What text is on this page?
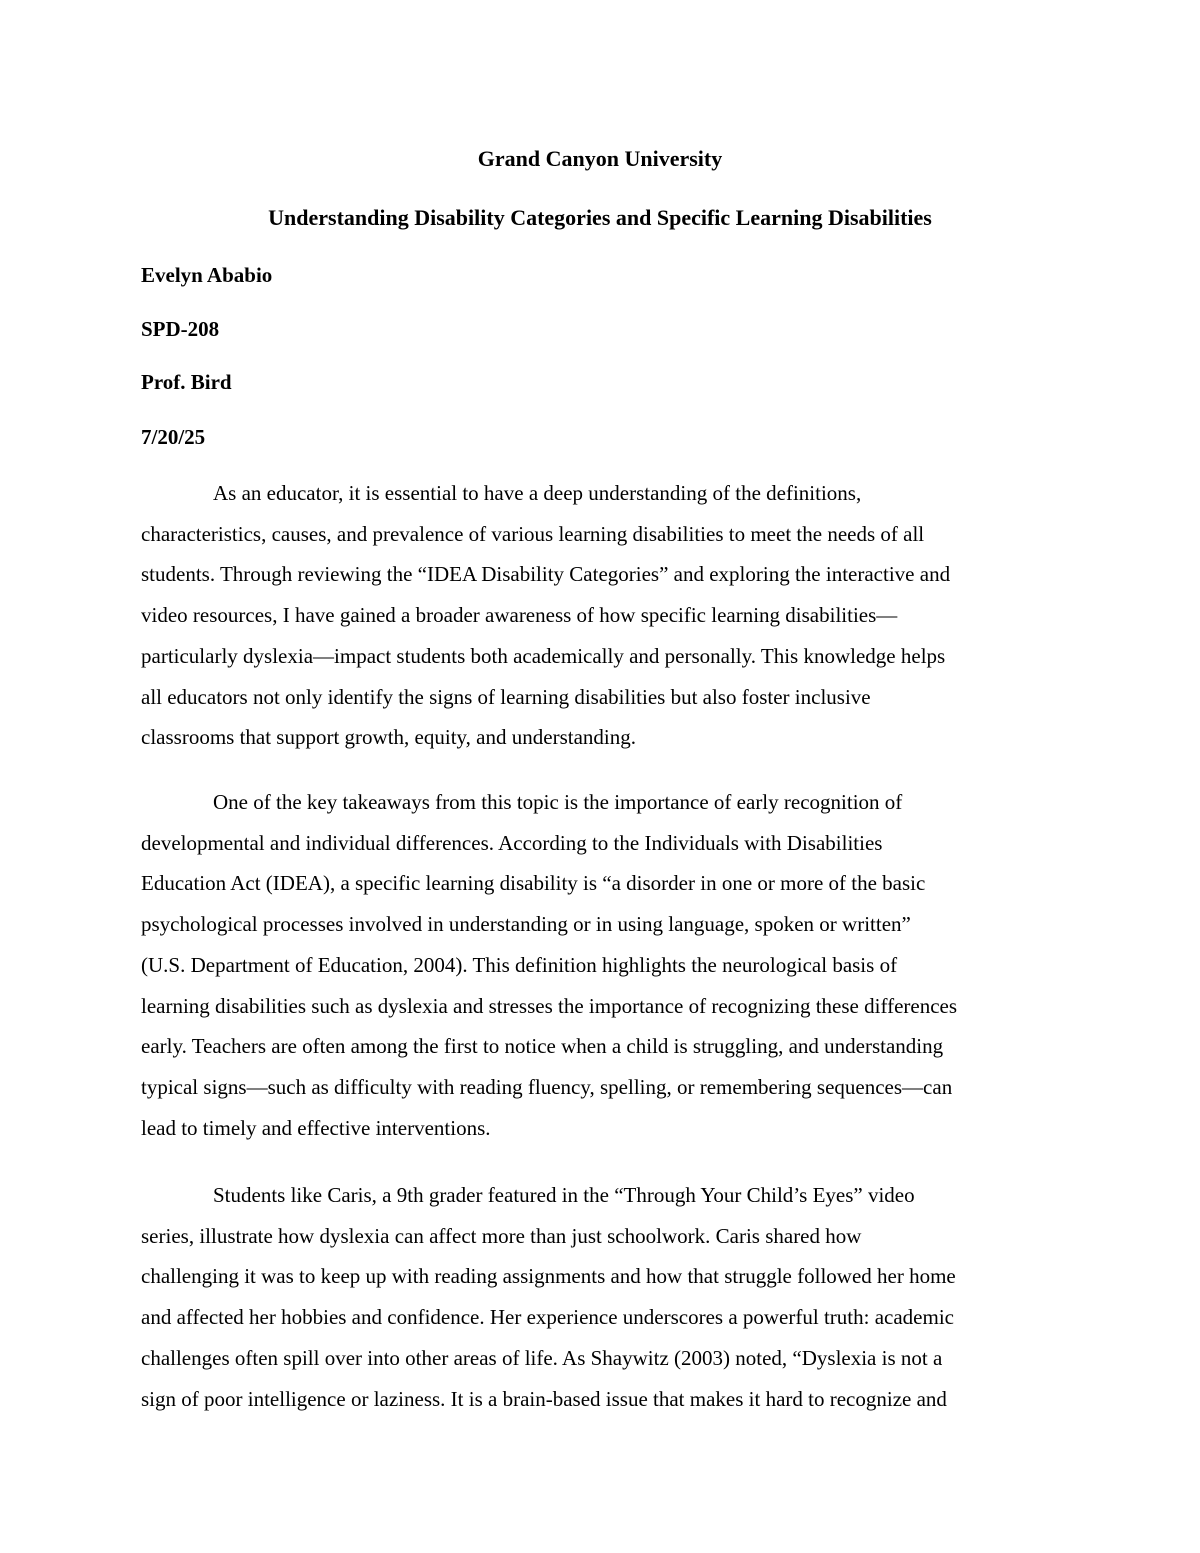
Grand Canyon University
Understanding Disability Categories and Specific Learning Disabilities
Evelyn Ababio
SPD-208
Prof. Bird
7/20/25
As an educator, it is essential to have a deep understanding of the definitions,
characteristics, causes, and prevalence of various learning disabilities to meet the needs of all
students. Through reviewing the “IDEA Disability Categories” and exploring the interactive and
video resources, I have gained a broader awareness of how specific learning disabilities—
particularly dyslexia—impact students both academically and personally. This knowledge helps
all educators not only identify the signs of learning disabilities but also foster inclusive
classrooms that support growth, equity, and understanding.
One of the key takeaways from this topic is the importance of early recognition of
developmental and individual differences. According to the Individuals with Disabilities
Education Act (IDEA), a specific learning disability is “a disorder in one or more of the basic
psychological processes involved in understanding or in using language, spoken or written”
(U.S. Department of Education, 2004). This definition highlights the neurological basis of
learning disabilities such as dyslexia and stresses the importance of recognizing these differences
early. Teachers are often among the first to notice when a child is struggling, and understanding
typical signs—such as difficulty with reading fluency, spelling, or remembering sequences—can
lead to timely and effective interventions.
Students like Caris, a 9th grader featured in the “Through Your Child’s Eyes” video
series, illustrate how dyslexia can affect more than just schoolwork. Caris shared how
challenging it was to keep up with reading assignments and how that struggle followed her home
and affected her hobbies and confidence. Her experience underscores a powerful truth: academic
challenges often spill over into other areas of life. As Shaywitz (2003) noted, “Dyslexia is not a
sign of poor intelligence or laziness. It is a brain-based issue that makes it hard to recognize and
